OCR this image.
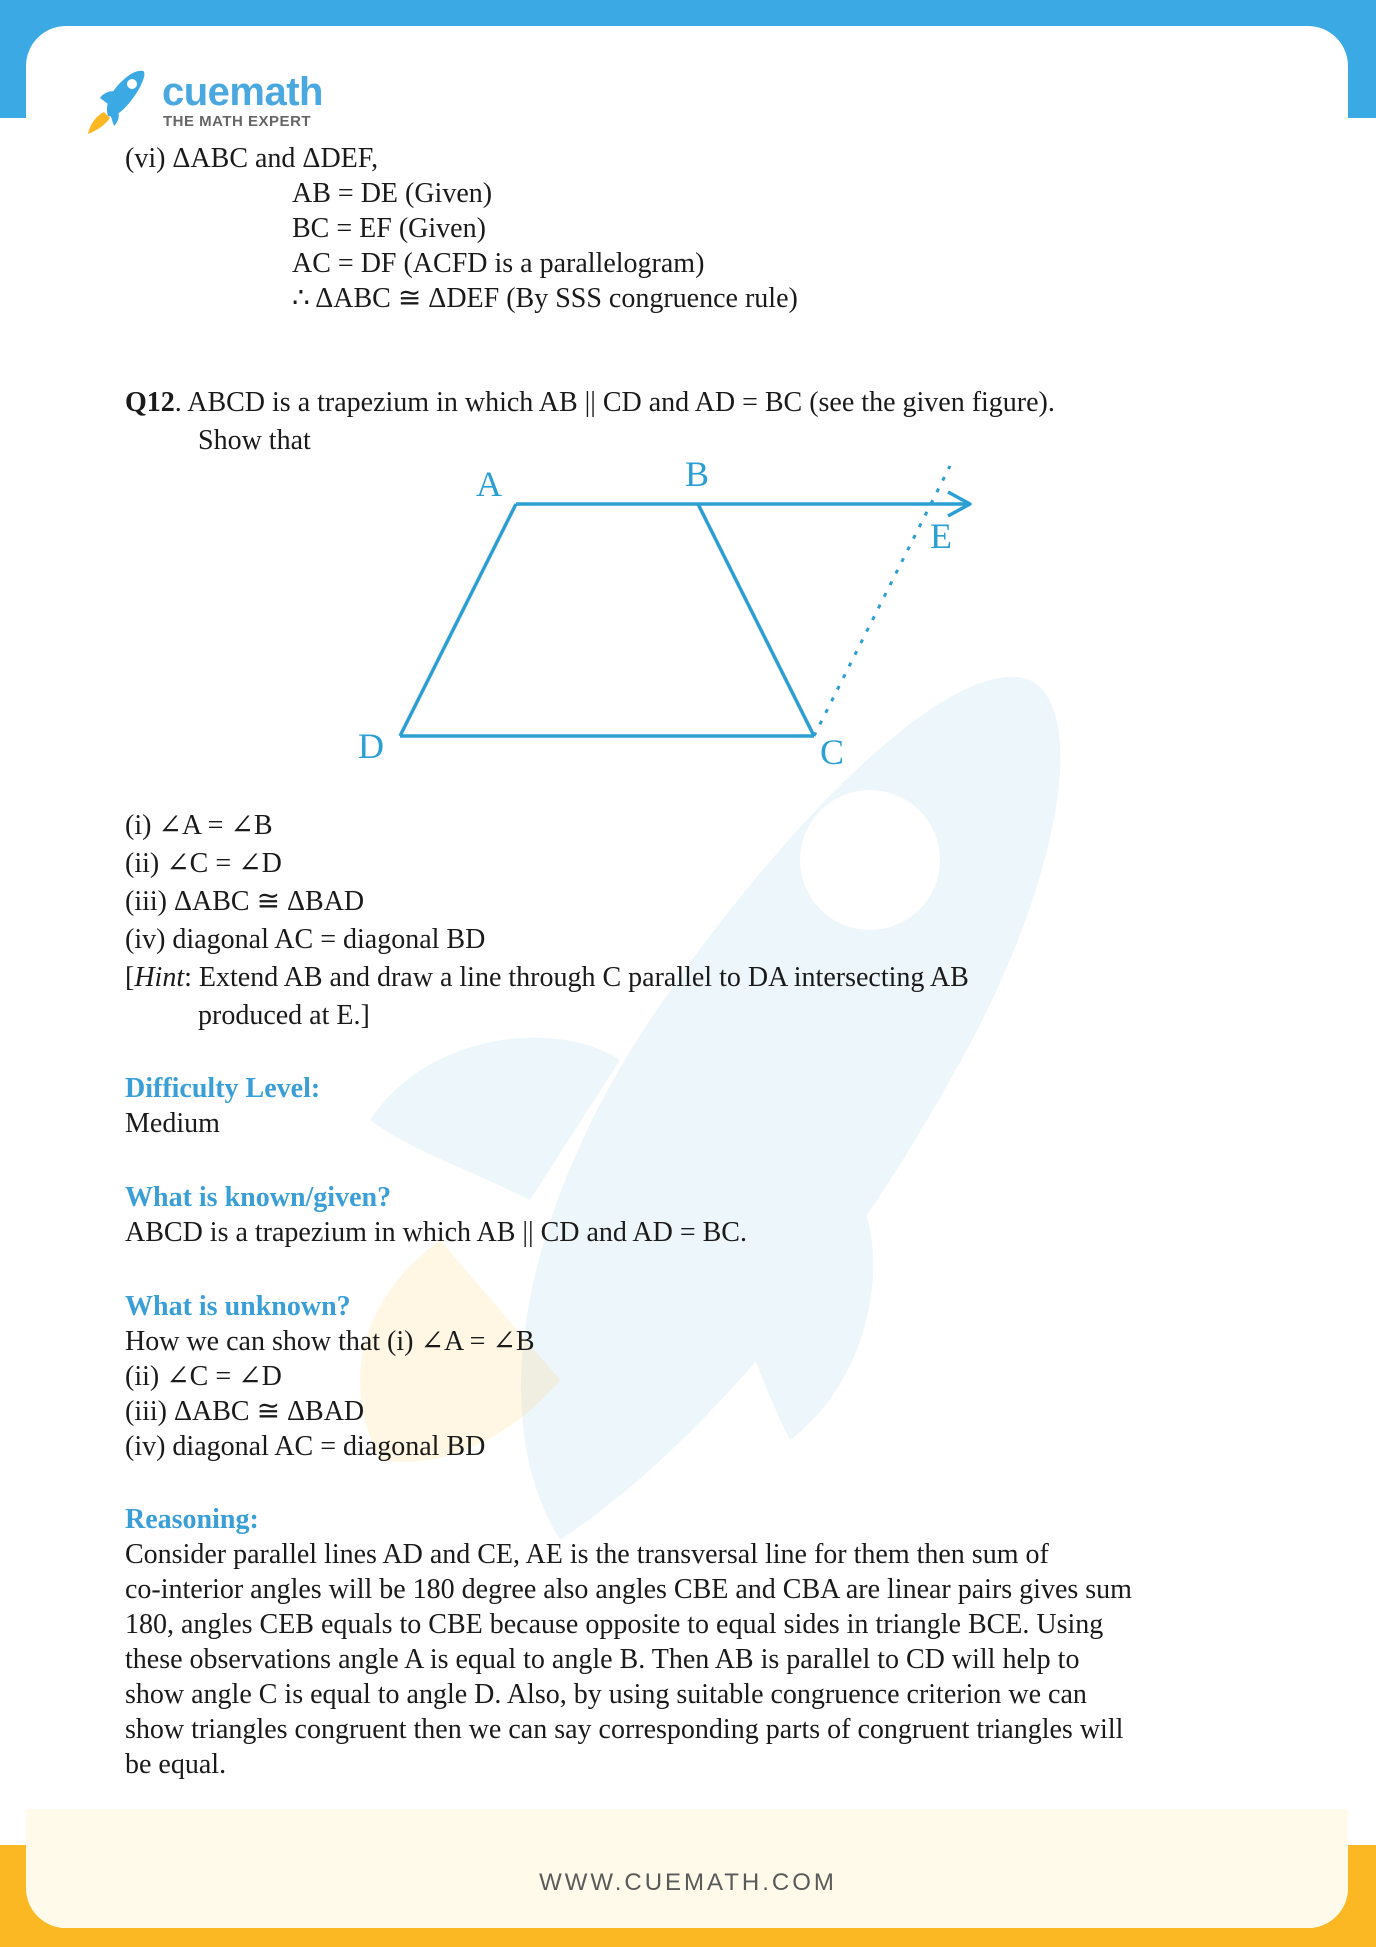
cuemath
THE MATH EXPERT
WWW.CUEMATH.COM
(vi) ΔABC and ΔDEF,
AB = DE (Given)
BC = EF (Given)
AC = DF (ACFD is a parallelogram)
∴ ΔABC ≅ ΔDEF (By SSS congruence rule)
Q12. ABCD is a trapezium in which AB || CD and AD = BC (see the given figure).
Show that
A	B
E
D	C
(i) ∠A = ∠B
(ii) ∠C = ∠D
(iii) ΔABC ≅ ΔBAD
(iv) diagonal AC = diagonal BD
[Hint: Extend AB and draw a line through C parallel to DA intersecting AB
produced at E.]
Difficulty Level:
Medium
What is known/given?
ABCD is a trapezium in which AB || CD and AD = BC.
What is unknown?
How we can show that (i) ∠A = ∠B
(ii) ∠C = ∠D
(iii) ΔABC ≅ ΔBAD
(iv) diagonal AC = diagonal BD
Reasoning:
Consider parallel lines AD and CE, AE is the transversal line for them then sum of
co-interior angles will be 180 degree also angles CBE and CBA are linear pairs gives sum
180, angles CEB equals to CBE because opposite to equal sides in triangle BCE. Using
these observations angle A is equal to angle B. Then AB is parallel to CD will help to
show angle C is equal to angle D. Also, by using suitable congruence criterion we can
show triangles congruent then we can say corresponding parts of congruent triangles will
be equal.
